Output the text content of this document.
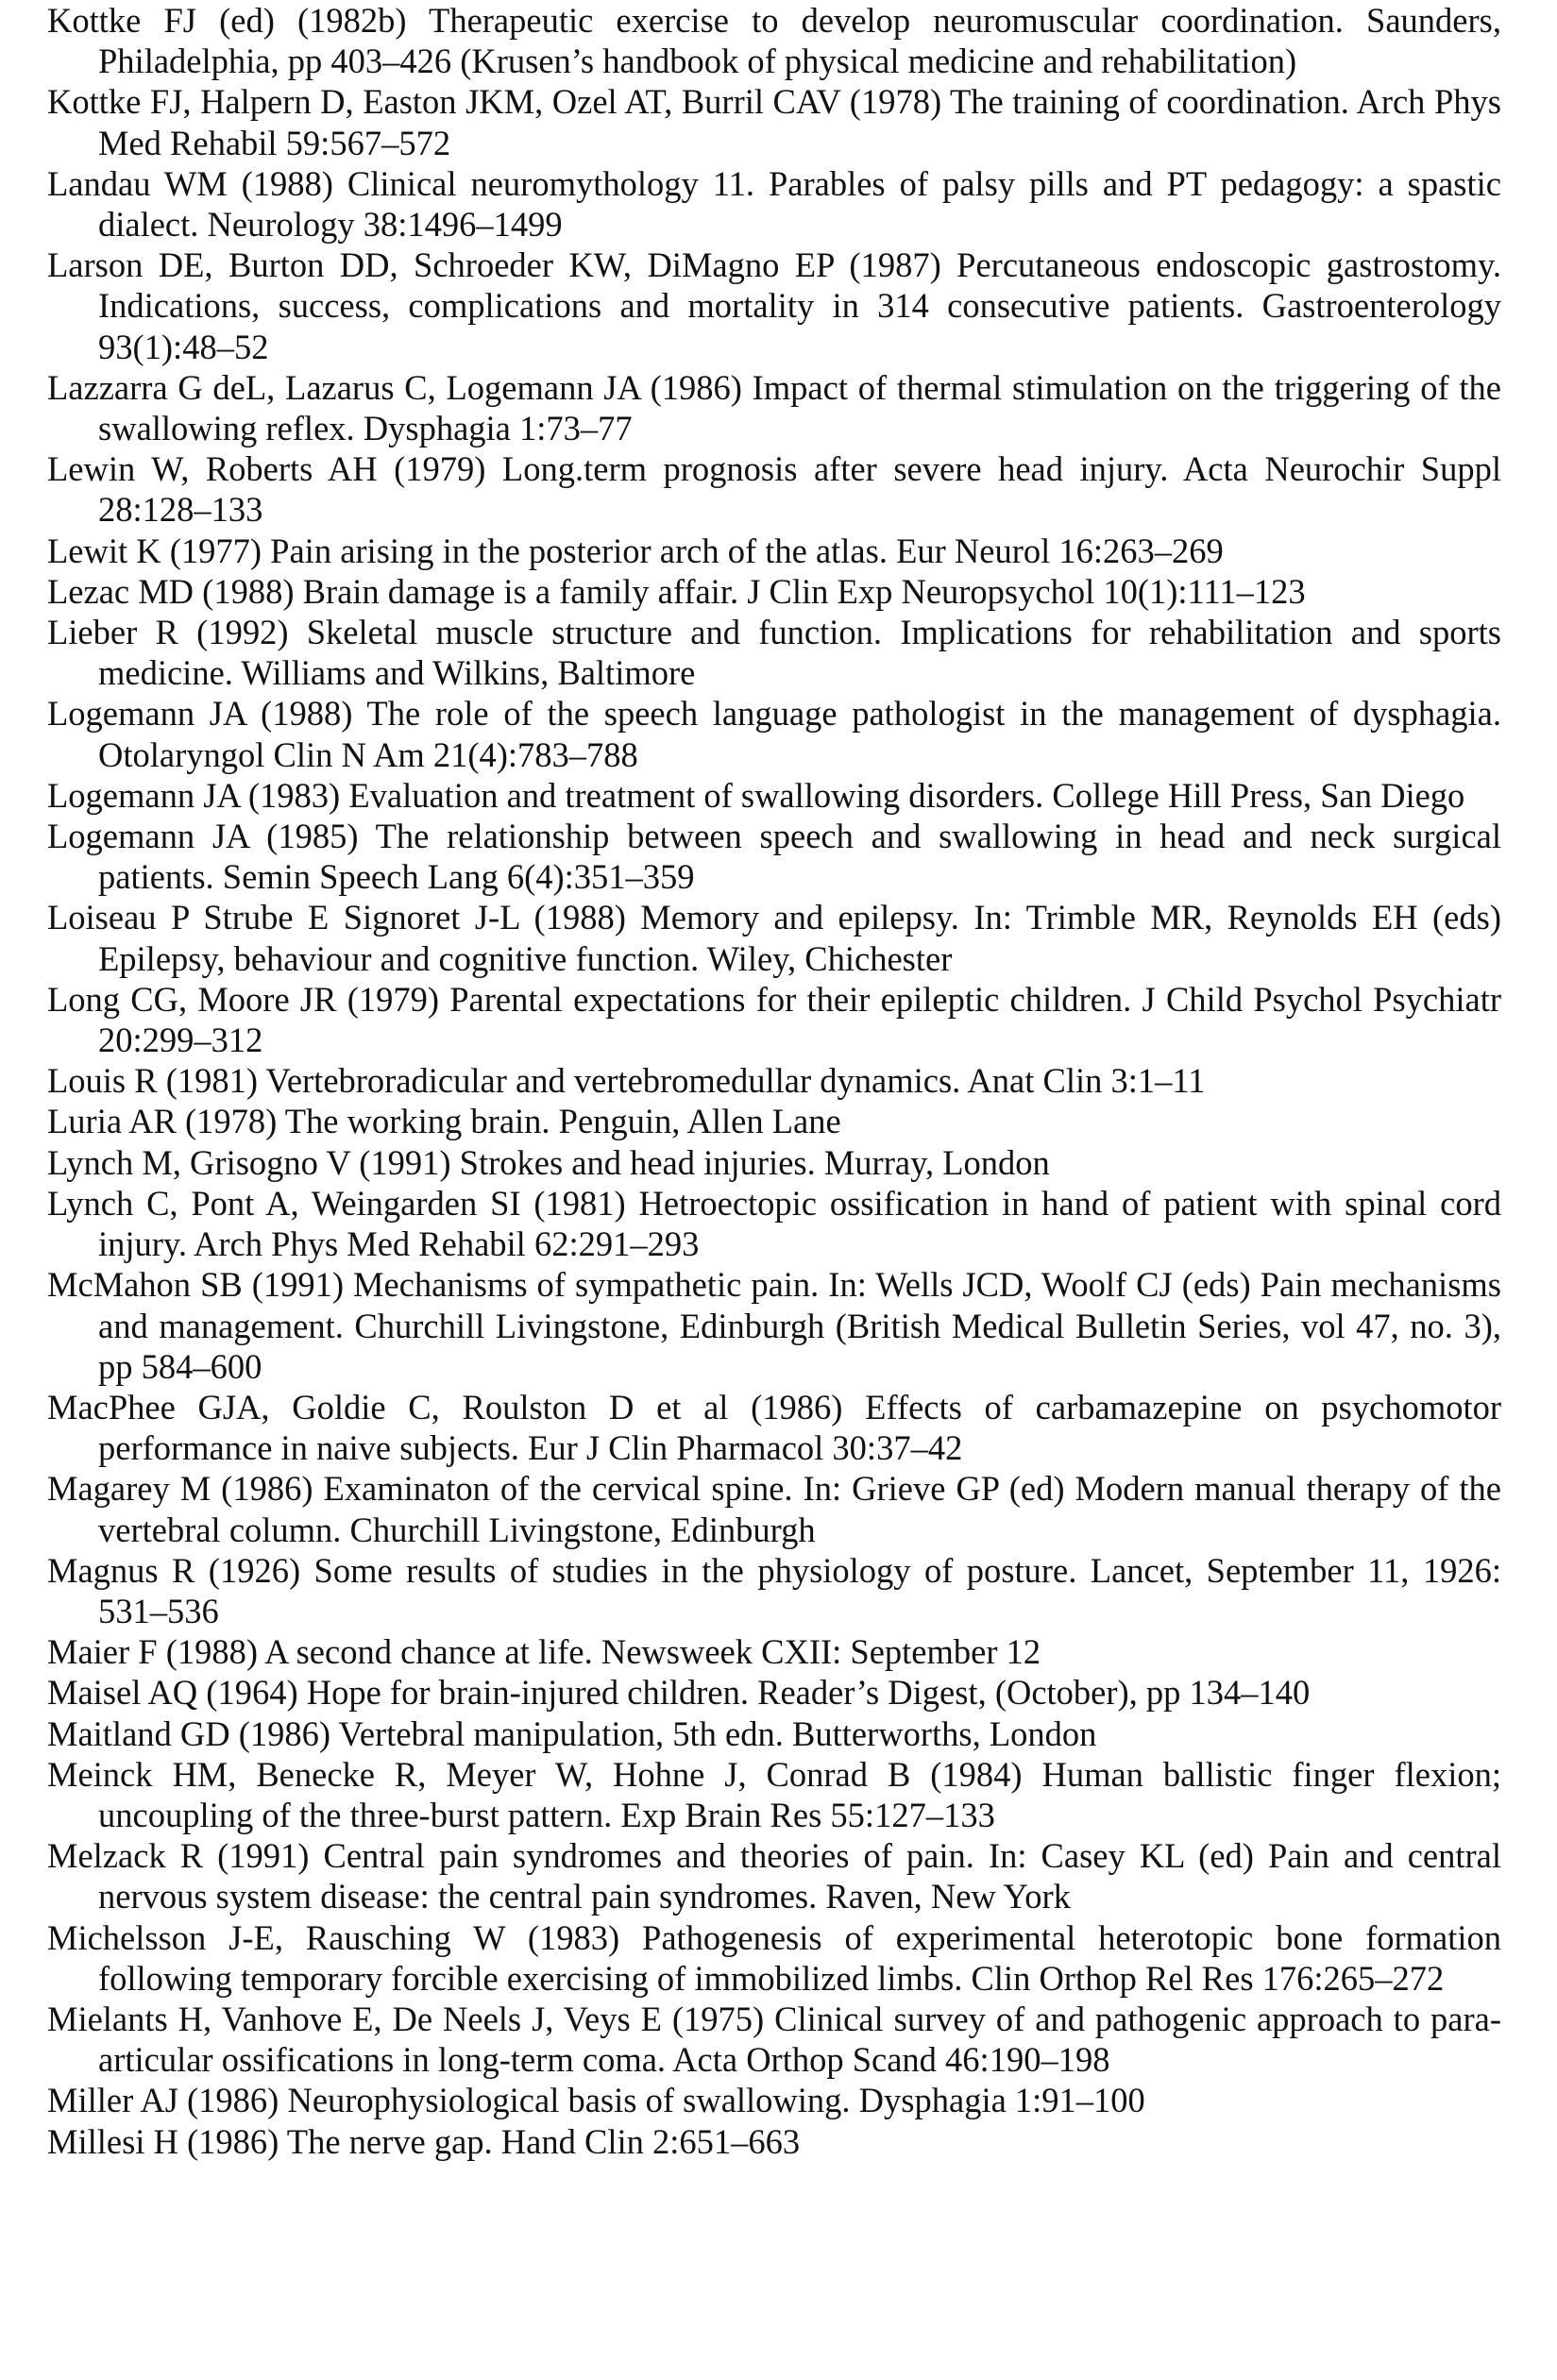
Kottke FJ (ed) (1982b) Therapeutic exercise to develop neuromuscular coordination. Saunders, Philadelphia, pp 403–426 (Krusen’s handbook of physical medicine and rehabilitation)

Kottke FJ, Halpern D, Easton JKM, Ozel AT, Burril CAV (1978) The training of coordination. Arch Phys Med Rehabil 59:567–572

Landau WM (1988) Clinical neuromythology 11. Parables of palsy pills and PT pedagogy: a spastic dialect. Neurology 38:1496–1499

Larson DE, Burton DD, Schroeder KW, DiMagno EP (1987) Percutaneous endoscopic gastrostomy. Indications, success, complications and mortality in 314 consecutive patients. Gastroenterology 93(1):48–52

Lazzarra G deL, Lazarus C, Logemann JA (1986) Impact of thermal stimulation on the triggering of the swallowing reflex. Dysphagia 1:73–77

Lewin W, Roberts AH (1979) Long.term prognosis after severe head injury. Acta Neurochir Suppl 28:128–133

Lewit K (1977) Pain arising in the posterior arch of the atlas. Eur Neurol 16:263–269

Lezac MD (1988) Brain damage is a family affair. J Clin Exp Neuropsychol 10(1):111–123

Lieber R (1992) Skeletal muscle structure and function. Implications for rehabilitation and sports medicine. Williams and Wilkins, Baltimore

Logemann JA (1988) The role of the speech language pathologist in the management of dysphagia. Otolaryngol Clin N Am 21(4):783–788

Logemann JA (1983) Evaluation and treatment of swallowing disorders. College Hill Press, San Diego

Logemann JA (1985) The relationship between speech and swallowing in head and neck surgical patients. Semin Speech Lang 6(4):351–359

Loiseau P Strube E Signoret J-L (1988) Memory and epilepsy. In: Trimble MR, Reynolds EH (eds) Epilepsy, behaviour and cognitive function. Wiley, Chichester

Long CG, Moore JR (1979) Parental expectations for their epileptic children. J Child Psychol Psychiatr 20:299–312

Louis R (1981) Vertebroradicular and vertebromedullar dynamics. Anat Clin 3:1–11

Luria AR (1978) The working brain. Penguin, Allen Lane

Lynch M, Grisogno V (1991) Strokes and head injuries. Murray, London

Lynch C, Pont A, Weingarden SI (1981) Hetroectopic ossification in hand of patient with spinal cord injury. Arch Phys Med Rehabil 62:291–293

McMahon SB (1991) Mechanisms of sympathetic pain. In: Wells JCD, Woolf CJ (eds) Pain mechanisms and management. Churchill Livingstone, Edinburgh (British Medical Bulletin Series, vol 47, no. 3), pp 584–600

MacPhee GJA, Goldie C, Roulston D et al (1986) Effects of carbamazepine on psychomotor performance in naive subjects. Eur J Clin Pharmacol 30:37–42

Magarey M (1986) Examinaton of the cervical spine. In: Grieve GP (ed) Modern manual therapy of the vertebral column. Churchill Livingstone, Edinburgh

Magnus R (1926) Some results of studies in the physiology of posture. Lancet, September 11, 1926: 531–536

Maier F (1988) A second chance at life. Newsweek CXII: September 12

Maisel AQ (1964) Hope for brain-injured children. Reader’s Digest, (October), pp 134–140

Maitland GD (1986) Vertebral manipulation, 5th edn. Butterworths, London

Meinck HM, Benecke R, Meyer W, Hohne J, Conrad B (1984) Human ballistic finger flexion; uncoupling of the three-burst pattern. Exp Brain Res 55:127–133

Melzack R (1991) Central pain syndromes and theories of pain. In: Casey KL (ed) Pain and central nervous system disease: the central pain syndromes. Raven, New York

Michelsson J-E, Rausching W (1983) Pathogenesis of experimental heterotopic bone formation following temporary forcible exercising of immobilized limbs. Clin Orthop Rel Res 176:265–272

Mielants H, Vanhove E, De Neels J, Veys E (1975) Clinical survey of and pathogenic approach to para-articular ossifications in long-term coma. Acta Orthop Scand 46:190–198

Miller AJ (1986) Neurophysiological basis of swallowing. Dysphagia 1:91–100

Millesi H (1986) The nerve gap. Hand Clin 2:651–663
